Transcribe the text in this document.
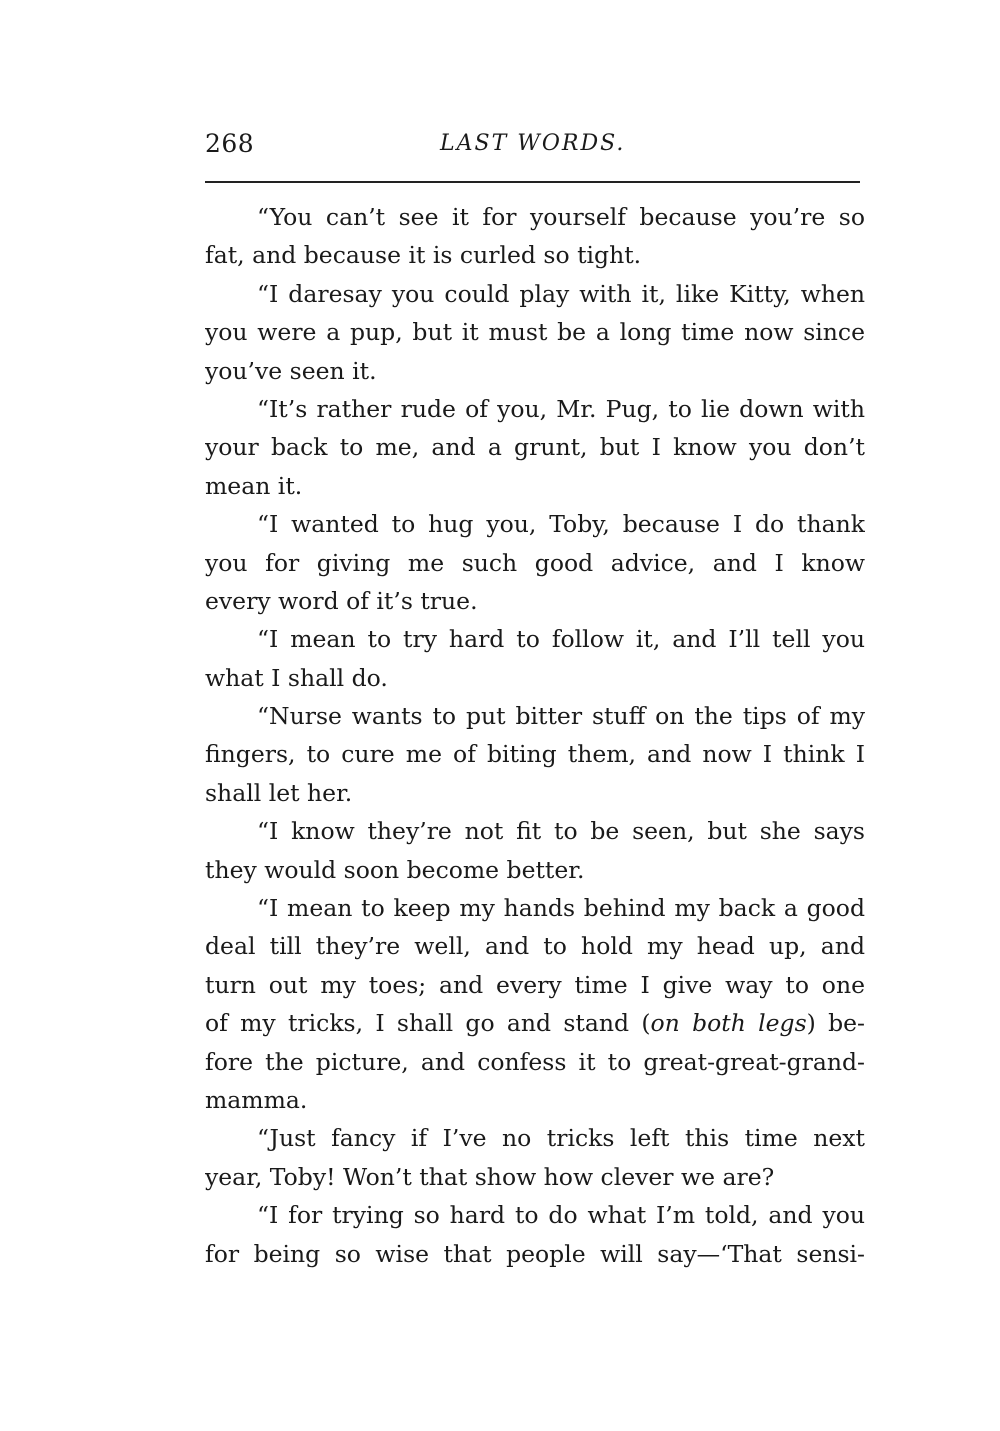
268	LAST WORDS.
“You can’t see it for yourself because you’re so
fat, and because it is curled so tight.
“I daresay you could play with it, like Kitty, when
you were a pup, but it must be a long time now since
you’ve seen it.
“It’s rather rude of you, Mr. Pug, to lie down with
your back to me, and a grunt, but I know you don’t
mean it.
“I wanted to hug you, Toby, because I do thank
you for giving me such good advice, and I know
every word of it’s true.
“I mean to try hard to follow it, and I’ll tell you
what I shall do.
“Nurse wants to put bitter stuff on the tips of my
fingers, to cure me of biting them, and now I think I
shall let her.
“I know they’re not fit to be seen, but she says
they would soon become better.
“I mean to keep my hands behind my back a good
deal till they’re well, and to hold my head up, and
turn out my toes; and every time I give way to one
of my tricks, I shall go and stand (on both legs) be-
fore the picture, and confess it to great-great-grand-
mamma.
“Just fancy if I’ve no tricks left this time next
year, Toby! Won’t that show how clever we are?
“I for trying so hard to do what I’m told, and you
for being so wise that people will say—‘That sensi-
